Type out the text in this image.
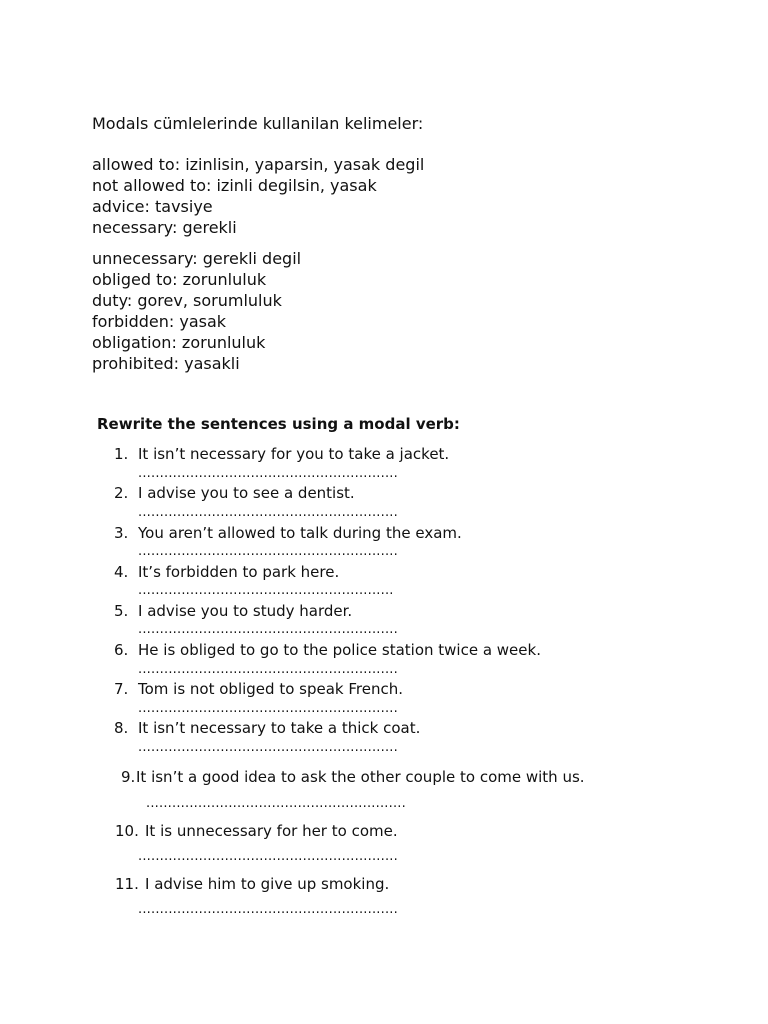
Modals cümlelerinde kullanilan kelimeler:
allowed to: izinlisin, yaparsin, yasak degil
not allowed to: izinli degilsin, yasak
advice: tavsiye
necessary: gerekli
unnecessary: gerekli degil
obliged to: zorunluluk
duty: gorev, sorumluluk
forbidden: yasak
obligation: zorunluluk
prohibited: yasakli
Rewrite the sentences using a modal verb:
1. It isn’t necessary for you to take a jacket.
............................................................
2. I advise you to see a dentist.
............................................................
3. You aren’t allowed to talk during the exam.
............................................................
4. It’s forbidden to park here.
...........................................................
5. I advise you to study harder.
............................................................
6. He is obliged to go to the police station twice a week.
............................................................
7. Tom is not obliged to speak French.
............................................................
8. It isn’t necessary to take a thick coat.
............................................................
9. It isn’t a good idea to ask the other couple to come with us.
............................................................
10. It is unnecessary for her to come.
............................................................
11. I advise him to give up smoking.
............................................................
